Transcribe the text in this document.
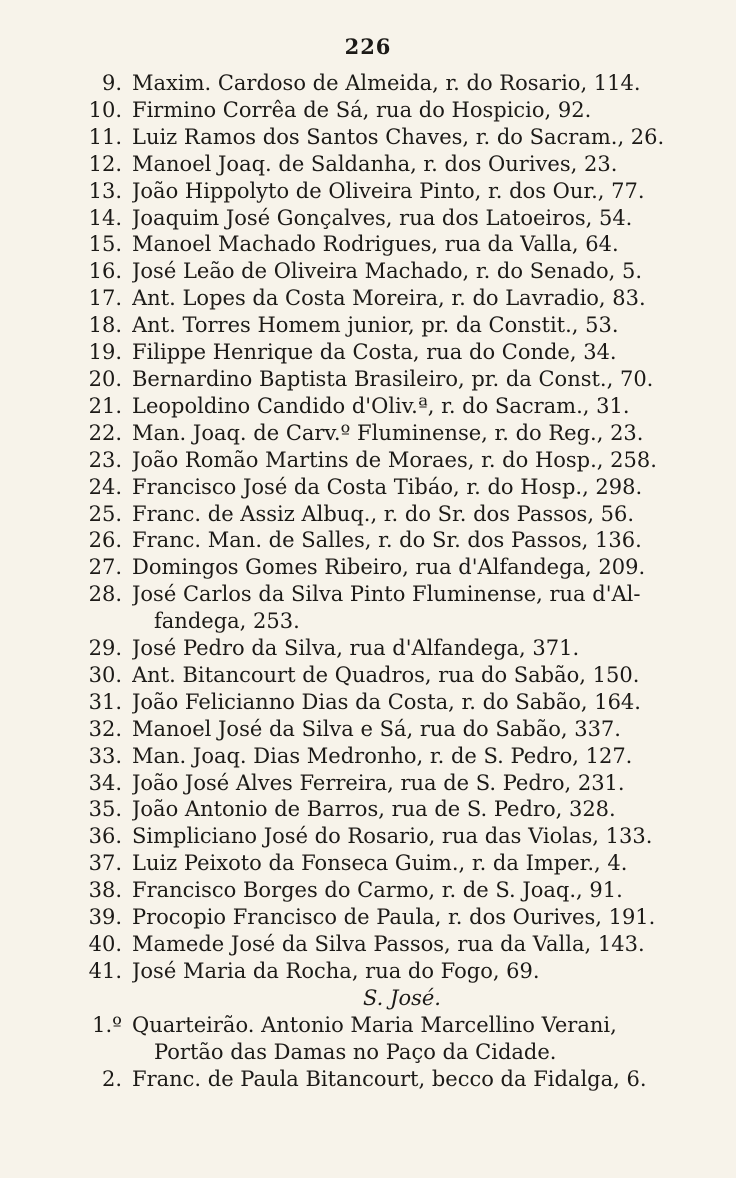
226
9. Maxim. Cardoso de Almeida, r. do Rosario, 114.
10. Firmino Corrêa de Sá, rua do Hospicio, 92.
11. Luiz Ramos dos Santos Chaves, r. do Sacram., 26.
12. Manoel Joaq. de Saldanha, r. dos Ourives, 23.
13. João Hippolyto de Oliveira Pinto, r. dos Our., 77.
14. Joaquim José Gonçalves, rua dos Latoeiros, 54.
15. Manoel Machado Rodrigues, rua da Valla, 64.
16. José Leão de Oliveira Machado, r. do Senado, 5.
17. Ant. Lopes da Costa Moreira, r. do Lavradio, 83.
18. Ant. Torres Homem junior, pr. da Constit., 53.
19. Filippe Henrique da Costa, rua do Conde, 34.
20. Bernardino Baptista Brasileiro, pr. da Const., 70.
21. Leopoldino Candido d'Oliv.ª, r. do Sacram., 31.
22. Man. Joaq. de Carv.º Fluminense, r. do Reg., 23.
23. João Romão Martins de Moraes, r. do Hosp., 258.
24. Francisco José da Costa Tibáo, r. do Hosp., 298.
25. Franc. de Assiz Albuq., r. do Sr. dos Passos, 56.
26. Franc. Man. de Salles, r. do Sr. dos Passos, 136.
27. Domingos Gomes Ribeiro, rua d'Alfandega, 209.
28. José Carlos da Silva Pinto Fluminense, rua d'Al-
fandega, 253.
29. José Pedro da Silva, rua d'Alfandega, 371.
30. Ant. Bitancourt de Quadros, rua do Sabão, 150.
31. João Felicianno Dias da Costa, r. do Sabão, 164.
32. Manoel José da Silva e Sá, rua do Sabão, 337.
33. Man. Joaq. Dias Medronho, r. de S. Pedro, 127.
34. João José Alves Ferreira, rua de S. Pedro, 231.
35. João Antonio de Barros, rua de S. Pedro, 328.
36. Simpliciano José do Rosario, rua das Violas, 133.
37. Luiz Peixoto da Fonseca Guim., r. da Imper., 4.
38. Francisco Borges do Carmo, r. de S. Joaq., 91.
39. Procopio Francisco de Paula, r. dos Ourives, 191.
40. Mamede José da Silva Passos, rua da Valla, 143.
41. José Maria da Rocha, rua do Fogo, 69.
S. José.
1.º Quarteirão. Antonio Maria Marcellino Verani,
Portão das Damas no Paço da Cidade.
2. Franc. de Paula Bitancourt, becco da Fidalga, 6.
